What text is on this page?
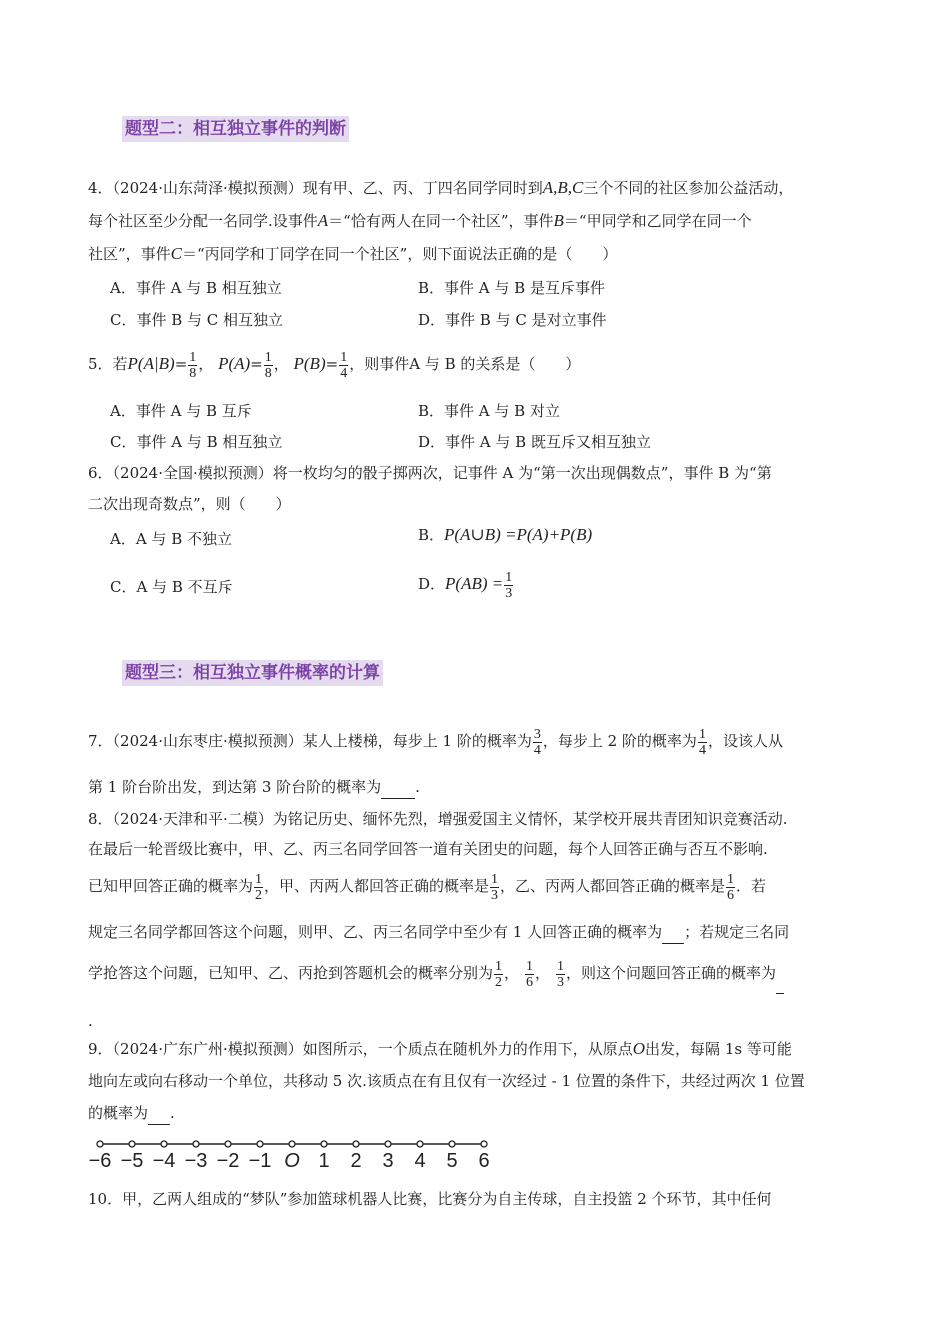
题型二：相互独立事件的判断
4．（2024·山东菏泽·模拟预测）现有甲、乙、丙、丁四名同学同时到A,B,C三个不同的社区参加公益活动，
每个社区至少分配一名同学.设事件A＝“恰有两人在同一个社区”，事件B＝“甲同学和乙同学在同一个
社区”，事件C＝“丙同学和丁同学在同一个社区”，则下面说法正确的是（　　）
A．事件 A 与 B 相互独立	B．事件 A 与 B 是互斥事件
C．事件 B 与 C 相互独立	D．事件 B 与 C 是对立事件
5．若$P(A|B)= \frac{1}{8}$ ， $P(A)= \frac{1}{8}$ ， $P(B)= \frac{1}{4}$ ，则事件A 与 B 的关系是（　　）
A．事件 A 与 B 互斥	B．事件 A 与 B 对立
C．事件 A 与 B 相互独立	D．事件 A 与 B 既互斥又相互独立
6．（2024·全国·模拟预测）将一枚均匀的骰子掷两次，记事件 A 为“第一次出现偶数点”，事件 B 为“第
二次出现奇数点”，则（　　）
A．A 与 B 不独立	B．P(A∪B) =P(A)+P(B)
C．A 与 B 不互斥	D．$P(AB) = \frac{1}{3}$
题型三：相互独立事件概率的计算
7．（2024·山东枣庄·模拟预测）某人上楼梯，每步上 1 阶的概率为 $\frac{3}{4}$ ，每步上 2 阶的概率为 $\frac{1}{4}$ ，设该人从
第 1 阶台阶出发，到达第 3 阶台阶的概率为 .
8．（2024·天津和平·二模）为铭记历史、缅怀先烈，增强爱国主义情怀，某学校开展共青团知识竞赛活动.
在最后一轮晋级比赛中，甲、乙、丙三名同学回答一道有关团史的问题，每个人回答正确与否互不影响.
已知甲回答正确的概率为 $\frac{1}{2}$ ，甲、丙两人都回答正确的概率是 $\frac{1}{3}$ ，乙、丙两人都回答正确的概率是 $\frac{1}{6}$ ．若
规定三名同学都回答这个问题，则甲、乙、丙三名同学中至少有 1 人回答正确的概率为 ；若规定三名同
学抢答这个问题，已知甲、乙、丙抢到答题机会的概率分别为 $\frac{1}{2}$ ， $\frac{1}{6}$ ， $\frac{1}{3}$ ，则这个问题回答正确的概率为
.
9．（2024·广东广州·模拟预测）如图所示，一个质点在随机外力的作用下，从原点O出发，每隔 1s 等可能
地向左或向右移动一个单位，共移动 5 次.该质点在有且仅有一次经过 - 1 位置的条件下，共经过两次 1 位置
的概率为 .
−6 −5 −4 −3 −2 −1 O 1 2 3 4 5 6
10．甲，乙两人组成的“梦队”参加篮球机器人比赛，比赛分为自主传球，自主投篮 2 个环节，其中任何
